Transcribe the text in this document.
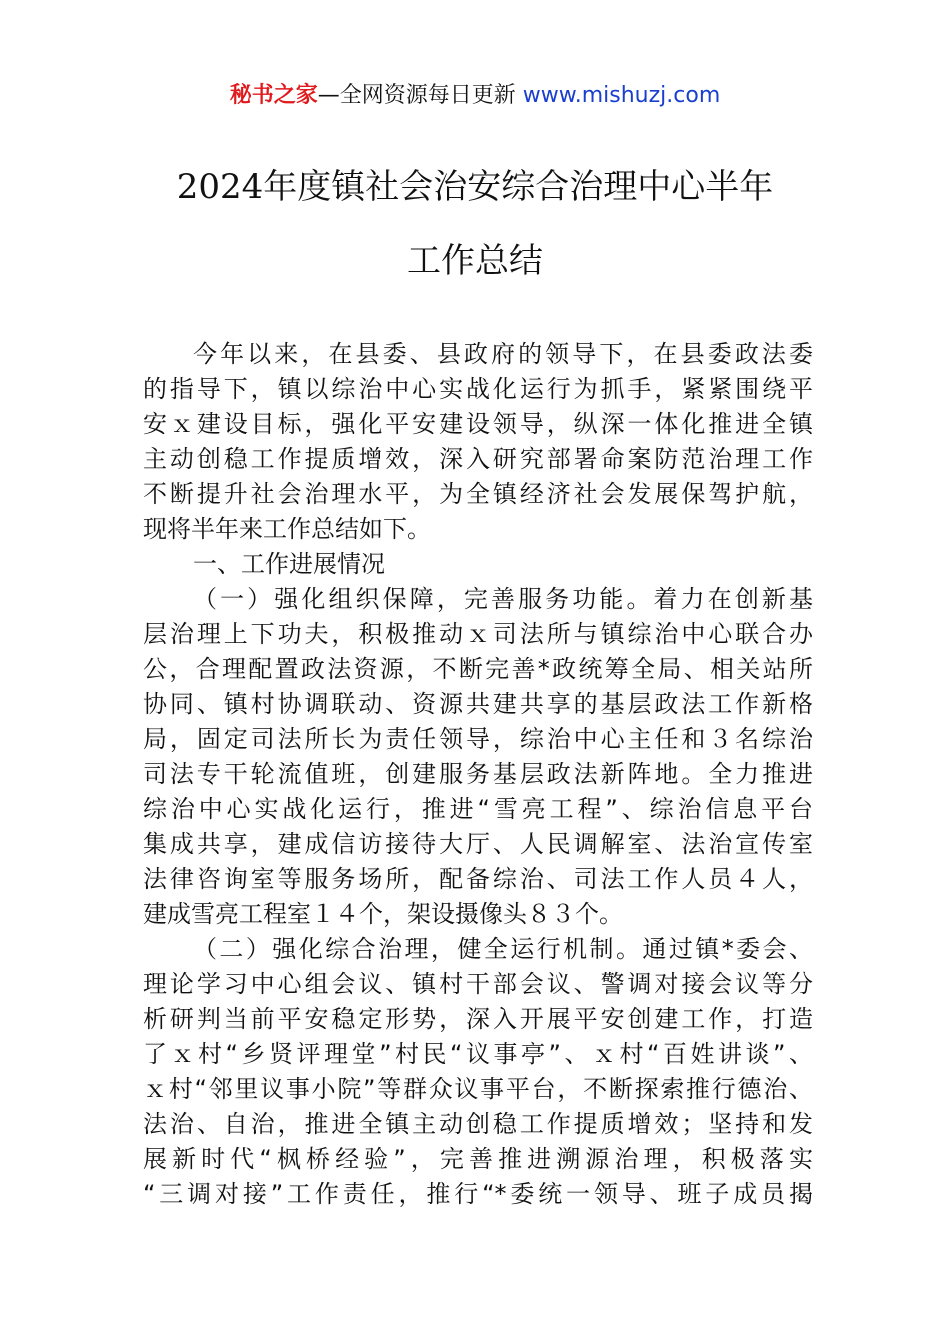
秘书之家—全网资源每日更新 www.mishuzj.com
2024年度镇社会治安综合治理中心半年
工作总结
今年以来，在县委、县政府的领导下，在县委政法委
的指导下，镇以综治中心实战化运行为抓手，紧紧围绕平
安ｘ建设目标，强化平安建设领导，纵深一体化推进全镇
主动创稳工作提质增效，深入研究部署命案防范治理工作
不断提升社会治理水平，为全镇经济社会发展保驾护航，
现将半年来工作总结如下。
一、工作进展情况
（一）强化组织保障，完善服务功能。着力在创新基
层治理上下功夫，积极推动ｘ司法所与镇综治中心联合办
公，合理配置政法资源，不断完善*政统筹全局、相关站所
协同、镇村协调联动、资源共建共享的基层政法工作新格
局，固定司法所长为责任领导，综治中心主任和３名综治
司法专干轮流值班，创建服务基层政法新阵地。全力推进
综治中心实战化运行，推进“雪亮工程”、综治信息平台
集成共享，建成信访接待大厅、人民调解室、法治宣传室
法律咨询室等服务场所，配备综治、司法工作人员４人，
建成雪亮工程室１４个，架设摄像头８３个。
（二）强化综合治理，健全运行机制。通过镇*委会、
理论学习中心组会议、镇村干部会议、警调对接会议等分
析研判当前平安稳定形势，深入开展平安创建工作，打造
了ｘ村“乡贤评理堂”村民“议事亭”、ｘ村“百姓讲谈”、
ｘ村“邻里议事小院”等群众议事平台，不断探索推行德治、
法治、自治，推进全镇主动创稳工作提质增效；坚持和发
展新时代“枫桥经验”，完善推进溯源治理，积极落实
“三调对接”工作责任，推行“*委统一领导、班子成员揭
